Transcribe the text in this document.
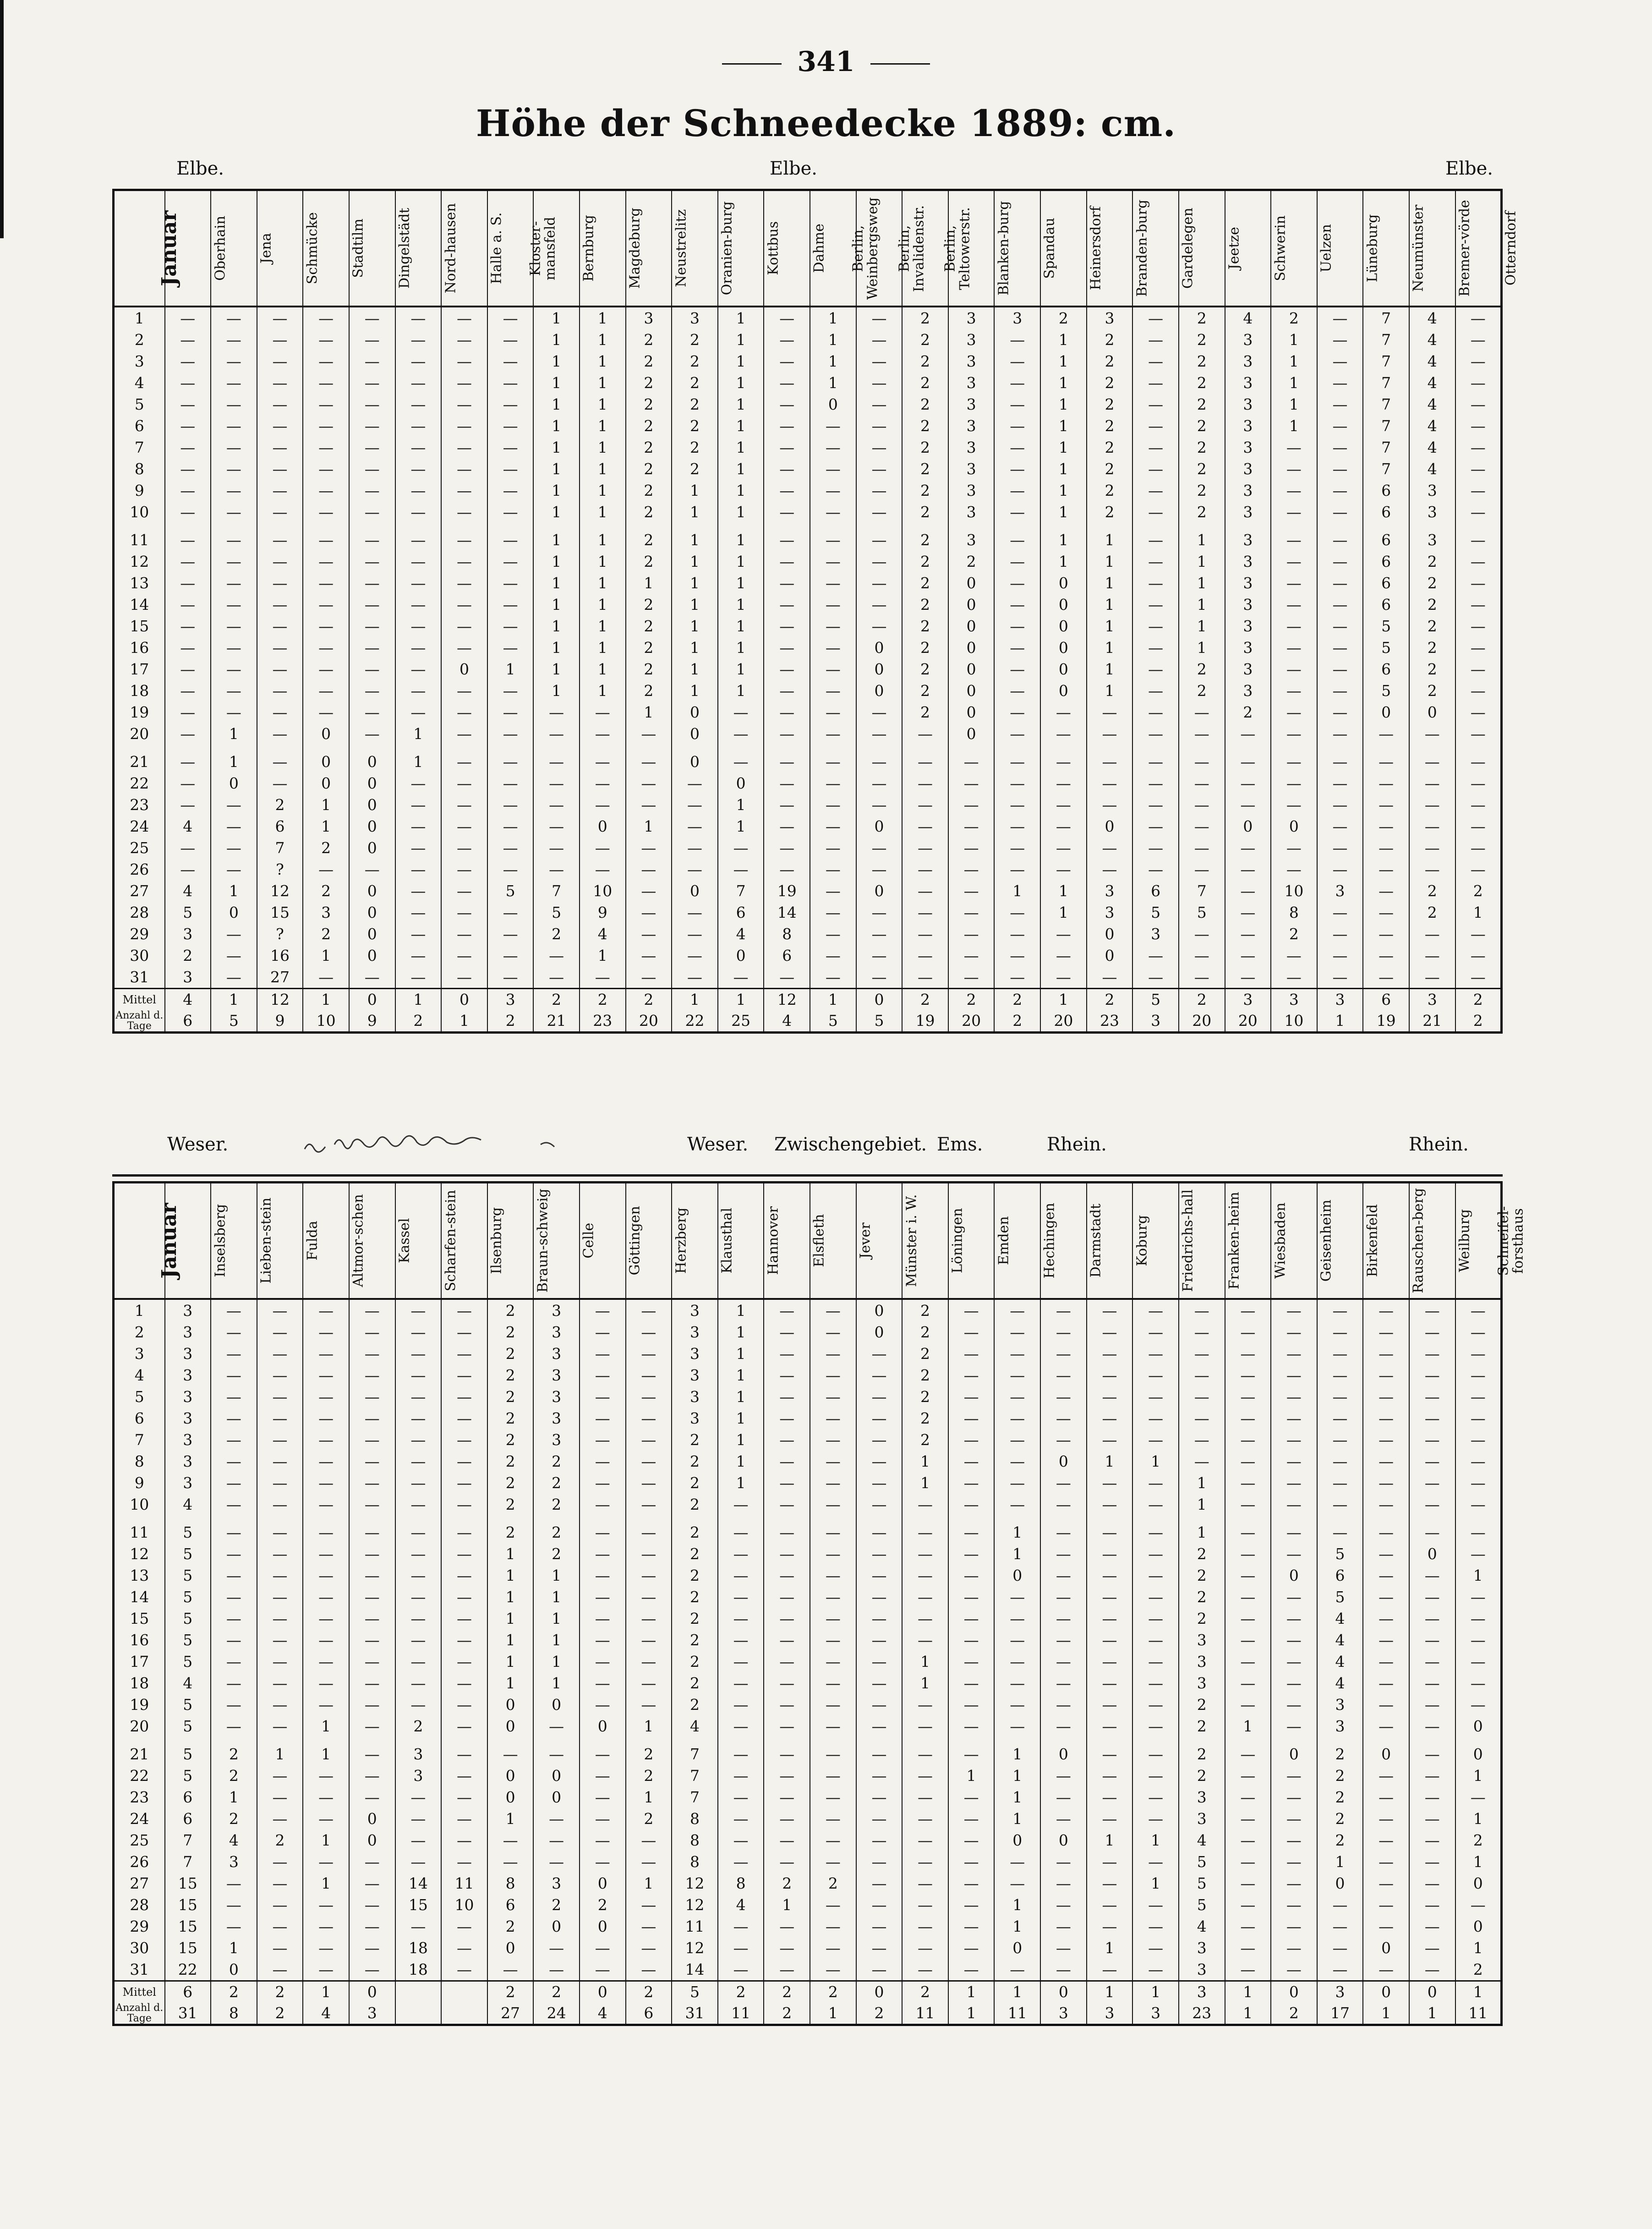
341
Höhe der Schneedecke 1889: cm.
Elbe.	Elbe.	Elbe.
Januar	Oberhain	Jena	Schmücke	Stadtilm	Dingelstädt	Nord-hausen	Halle a. S.	Kloster-mansfeld	Bernburg	Magdeburg	Neustrelitz	Oranien-burg	Kottbus	Dahme	Berlin, Weinbergsweg	Berlin, Invalidenstr.	Berlin, Teltowerstr.	Blanken-burg	Spandau	Heinersdorf	Branden-burg	Gardelegen	Jeetze	Schwerin	Uelzen	Lüneburg	Neumünster	Bremer-vörde	Otterndorf
1	—	—	—	—	—	—	—	—	1	1	3	3	1	—	1	—	2	3	3	2	3	—	2	4	2	—	7	4	—
2	—	—	—	—	—	—	—	—	1	1	2	2	1	—	1	—	2	3	—	1	2	—	2	3	1	—	7	4	—
3	—	—	—	—	—	—	—	—	1	1	2	2	1	—	1	—	2	3	—	1	2	—	2	3	1	—	7	4	—
4	—	—	—	—	—	—	—	—	1	1	2	2	1	—	1	—	2	3	—	1	2	—	2	3	1	—	7	4	—
5	—	—	—	—	—	—	—	—	1	1	2	2	1	—	0	—	2	3	—	1	2	—	2	3	1	—	7	4	—
6	—	—	—	—	—	—	—	—	1	1	2	2	1	—	—	—	2	3	—	1	2	—	2	3	1	—	7	4	—
7	—	—	—	—	—	—	—	—	1	1	2	2	1	—	—	—	2	3	—	1	2	—	2	3	—	—	7	4	—
8	—	—	—	—	—	—	—	—	1	1	2	2	1	—	—	—	2	3	—	1	2	—	2	3	—	—	7	4	—
9	—	—	—	—	—	—	—	—	1	1	2	1	1	—	—	—	2	3	—	1	2	—	2	3	—	—	6	3	—
10	—	—	—	—	—	—	—	—	1	1	2	1	1	—	—	—	2	3	—	1	2	—	2	3	—	—	6	3	—
11	—	—	—	—	—	—	—	—	1	1	2	1	1	—	—	—	2	3	—	1	1	—	1	3	—	—	6	3	—
12	—	—	—	—	—	—	—	—	1	1	2	1	1	—	—	—	2	2	—	1	1	—	1	3	—	—	6	2	—
13	—	—	—	—	—	—	—	—	1	1	1	1	1	—	—	—	2	0	—	0	1	—	1	3	—	—	6	2	—
14	—	—	—	—	—	—	—	—	1	1	2	1	1	—	—	—	2	0	—	0	1	—	1	3	—	—	6	2	—
15	—	—	—	—	—	—	—	—	1	1	2	1	1	—	—	—	2	0	—	0	1	—	1	3	—	—	5	2	—
16	—	—	—	—	—	—	—	—	1	1	2	1	1	—	—	0	2	0	—	0	1	—	1	3	—	—	5	2	—
17	—	—	—	—	—	—	0	1	1	1	2	1	1	—	—	0	2	0	—	0	1	—	2	3	—	—	6	2	—
18	—	—	—	—	—	—	—	—	1	1	2	1	1	—	—	0	2	0	—	0	1	—	2	3	—	—	5	2	—
19	—	—	—	—	—	—	—	—	—	—	1	0	—	—	—	—	2	0	—	—	—	—	—	2	—	—	0	0	—
20	—	1	—	0	—	1	—	—	—	—	—	0	—	—	—	—	—	0	—	—	—	—	—	—	—	—	—	—	—
21	—	1	—	0	0	1	—	—	—	—	—	0	—	—	—	—	—	—	—	—	—	—	—	—	—	—	—	—	—
22	—	0	—	0	0	—	—	—	—	—	—	—	0	—	—	—	—	—	—	—	—	—	—	—	—	—	—	—	—
23	—	—	2	1	0	—	—	—	—	—	—	—	1	—	—	—	—	—	—	—	—	—	—	—	—	—	—	—	—
24	4	—	6	1	0	—	—	—	—	0	1	—	1	—	—	0	—	—	—	—	0	—	—	0	0	—	—	—	—
25	—	—	7	2	0	—	—	—	—	—	—	—	—	—	—	—	—	—	—	—	—	—	—	—	—	—	—	—	—
26	—	—	?	—	—	—	—	—	—	—	—	—	—	—	—	—	—	—	—	—	—	—	—	—	—	—	—	—	—
27	4	1	12	2	0	—	—	5	7	10	—	0	7	19	—	0	—	—	1	1	3	6	7	—	10	3	—	2	2
28	5	0	15	3	0	—	—	—	5	9	—	—	6	14	—	—	—	—	—	1	3	5	5	—	8	—	—	2	1
29	3	—	?	2	0	—	—	—	2	4	—	—	4	8	—	—	—	—	—	—	0	3	—	—	2	—	—	—	—
30	2	—	16	1	0	—	—	—	—	1	—	—	0	6	—	—	—	—	—	—	0	—	—	—	—	—	—	—	—
31	3	—	27	—	—	—	—	—	—	—	—	—	—	—	—	—	—	—	—	—	—	—	—	—	—	—	—	—	—
Mittel	4	1	12	1	0	1	0	3	2	2	2	1	1	12	1	0	2	2	2	1	2	5	2	3	3	3	6	3	2
Anzahl d. Tage	6	5	9	10	9	2	1	2	21	23	20	22	25	4	5	5	19	20	2	20	23	3	20	20	10	1	19	21	2
Weser.	Weser. Zwischengebiet. Ems.	Rhein.	Rhein.
Januar	Inselsberg	Lieben-stein	Fulda	Altmor-schen	Kassel	Scharfen-stein	Ilsenburg	Braun-schweig	Celle	Göttingen	Herzberg	Klausthal	Hannover	Elsfleth	Jever	Münster i. W.	Löningen	Emden	Hechingen	Darmstadt	Koburg	Friedrichs-hall	Franken-heim	Wiesbaden	Geisenheim	Birkenfeld	Rauschen-berg	Weilburg	Schneifel-forsthaus
1	3	—	—	—	—	—	—	2	3	—	—	3	1	—	—	0	2	—	—	—	—	—	—	—	—	—	—	—	—
2	3	—	—	—	—	—	—	2	3	—	—	3	1	—	—	0	2	—	—	—	—	—	—	—	—	—	—	—	—
3	3	—	—	—	—	—	—	2	3	—	—	3	1	—	—	—	2	—	—	—	—	—	—	—	—	—	—	—	—
4	3	—	—	—	—	—	—	2	3	—	—	3	1	—	—	—	2	—	—	—	—	—	—	—	—	—	—	—	—
5	3	—	—	—	—	—	—	2	3	—	—	3	1	—	—	—	2	—	—	—	—	—	—	—	—	—	—	—	—
6	3	—	—	—	—	—	—	2	3	—	—	3	1	—	—	—	2	—	—	—	—	—	—	—	—	—	—	—	—
7	3	—	—	—	—	—	—	2	3	—	—	2	1	—	—	—	2	—	—	—	—	—	—	—	—	—	—	—	—
8	3	—	—	—	—	—	—	2	2	—	—	2	1	—	—	—	1	—	—	0	1	1	—	—	—	—	—	—	—
9	3	—	—	—	—	—	—	2	2	—	—	2	1	—	—	—	1	—	—	—	—	—	1	—	—	—	—	—	—
10	4	—	—	—	—	—	—	2	2	—	—	2	—	—	—	—	—	—	—	—	—	—	1	—	—	—	—	—	—
11	5	—	—	—	—	—	—	2	2	—	—	2	—	—	—	—	—	—	1	—	—	—	1	—	—	—	—	—	—
12	5	—	—	—	—	—	—	1	2	—	—	2	—	—	—	—	—	—	1	—	—	—	2	—	—	5	—	0	—
13	5	—	—	—	—	—	—	1	1	—	—	2	—	—	—	—	—	—	0	—	—	—	2	—	0	6	—	—	1
14	5	—	—	—	—	—	—	1	1	—	—	2	—	—	—	—	—	—	—	—	—	—	2	—	—	5	—	—	—
15	5	—	—	—	—	—	—	1	1	—	—	2	—	—	—	—	—	—	—	—	—	—	2	—	—	4	—	—	—
16	5	—	—	—	—	—	—	1	1	—	—	2	—	—	—	—	—	—	—	—	—	—	3	—	—	4	—	—	—
17	5	—	—	—	—	—	—	1	1	—	—	2	—	—	—	—	1	—	—	—	—	—	3	—	—	4	—	—	—
18	4	—	—	—	—	—	—	1	1	—	—	2	—	—	—	—	1	—	—	—	—	—	3	—	—	4	—	—	—
19	5	—	—	—	—	—	—	0	0	—	—	2	—	—	—	—	—	—	—	—	—	—	2	—	—	3	—	—	—
20	5	—	—	1	—	2	—	0	—	0	1	4	—	—	—	—	—	—	—	—	—	—	2	1	—	3	—	—	0
21	5	2	1	1	—	3	—	—	—	—	2	7	—	—	—	—	—	—	1	0	—	—	2	—	0	2	0	—	0
22	5	2	—	—	—	3	—	0	0	—	2	7	—	—	—	—	—	1	1	—	—	—	2	—	—	2	—	—	1
23	6	1	—	—	—	—	—	0	0	—	1	7	—	—	—	—	—	—	1	—	—	—	3	—	—	2	—	—	—
24	6	2	—	—	0	—	—	1	—	—	2	8	—	—	—	—	—	—	1	—	—	—	3	—	—	2	—	—	1
25	7	4	2	1	0	—	—	—	—	—	—	8	—	—	—	—	—	—	0	0	1	1	4	—	—	2	—	—	2
26	7	3	—	—	—	—	—	—	—	—	—	8	—	—	—	—	—	—	—	—	—	—	5	—	—	1	—	—	1
27	15	—	—	1	—	14	11	8	3	0	1	12	8	2	2	—	—	—	—	—	—	1	5	—	—	0	—	—	0
28	15	—	—	—	—	15	10	6	2	2	—	12	4	1	—	—	—	—	1	—	—	—	5	—	—	—	—	—	—
29	15	—	—	—	—	—	—	2	0	0	—	11	—	—	—	—	—	—	1	—	—	—	4	—	—	—	—	—	0
30	15	1	—	—	—	18	—	0	—	—	—	12	—	—	—	—	—	—	0	—	1	—	3	—	—	—	0	—	1
31	22	0	—	—	—	18	—	—	—	—	—	14	—	—	—	—	—	—	—	—	—	—	3	—	—	—	—	—	2
Mittel	6	2	2	1	0			2	2	0	2	5	2	2	2	0	2	1	1	0	1	1	3	1	0	3	0	0	1
Anzahl d. Tage	31	8	2	4	3			27	24	4	6	31	11	2	1	2	11	1	11	3	3	3	23	1	2	17	1	1	11
